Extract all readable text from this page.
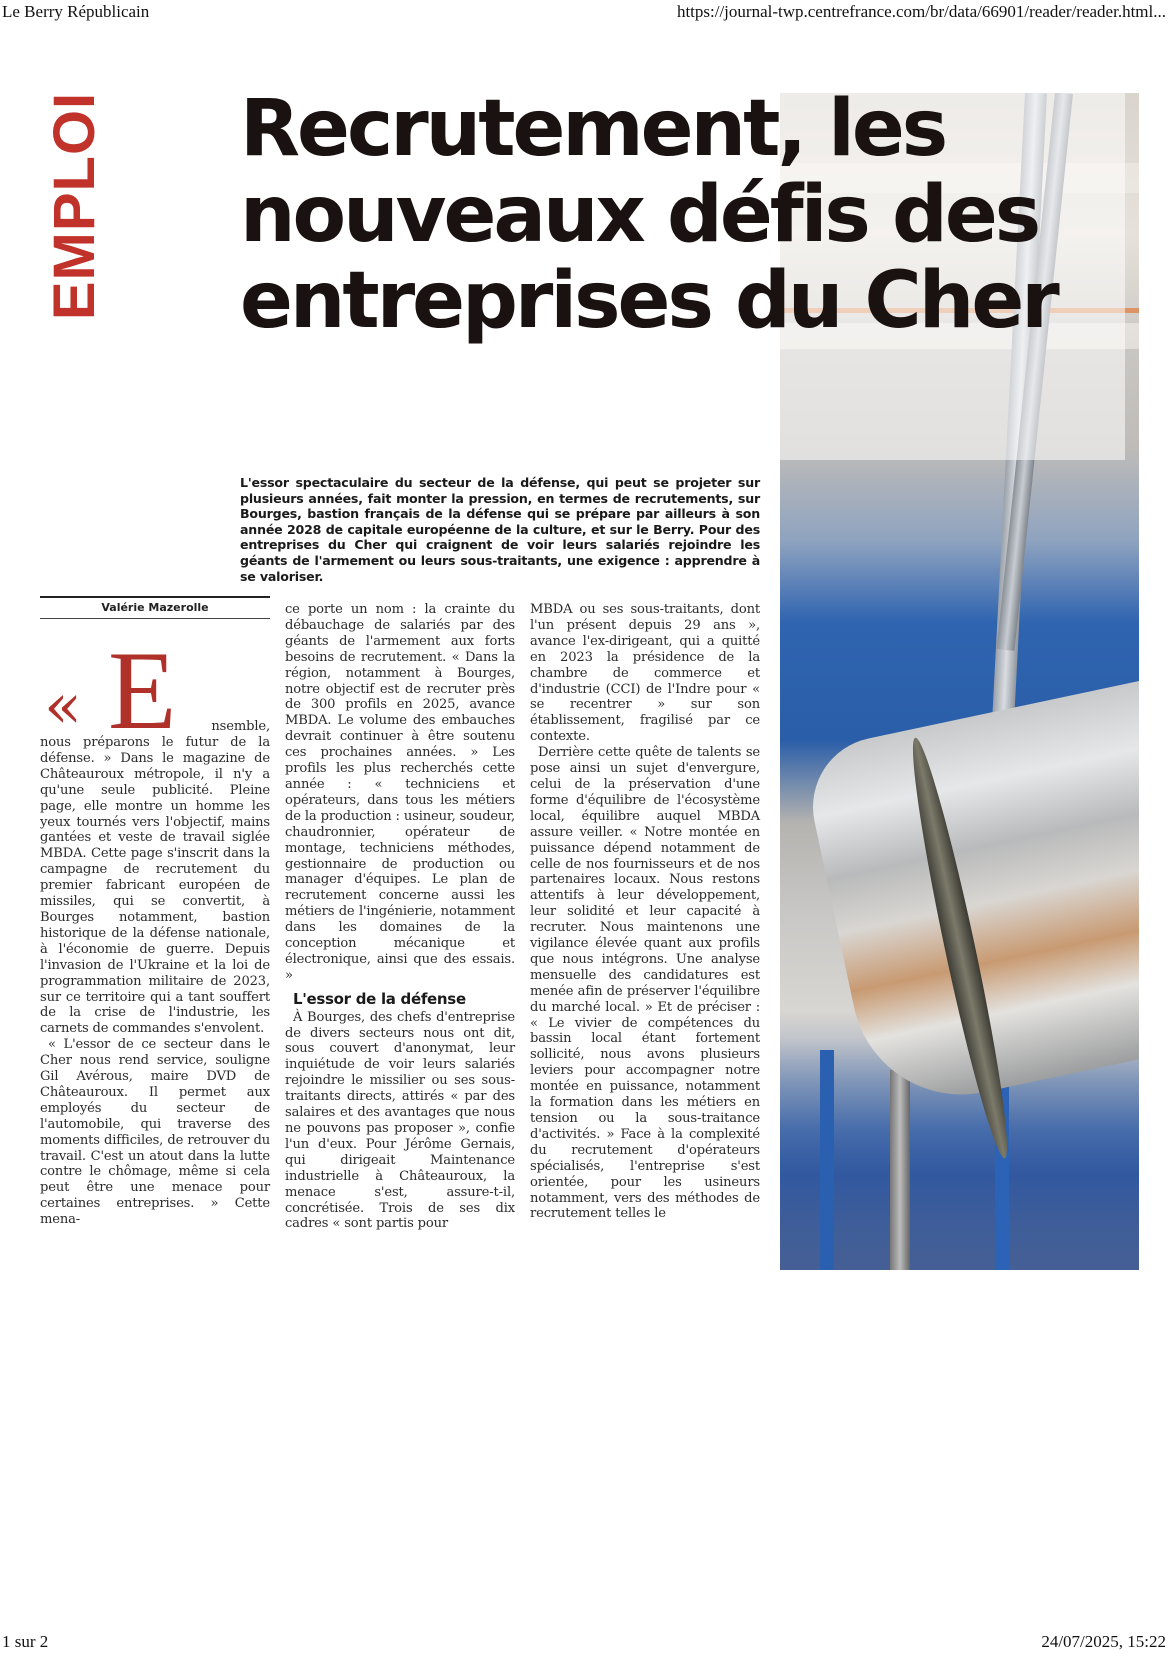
Le Berry Républicain	https://journal-twp.centrefrance.com/br/data/66901/reader/reader.html...
EMPLOI Recrutement, les
nouveaux défis des
entreprises du Cher
L'essor spectaculaire du secteur de la défense, qui peut se projeter sur plusieurs années, fait monter la pression, en termes de recrutements, sur Bourges, bastion français de la défense qui se prépare par ailleurs à son année 2028 de capitale européenne de la culture, et sur le Berry. Pour des entreprises du Cher qui craignent de voir leurs salariés rejoindre les géants de l'armement ou leurs sous-traitants, une exigence : apprendre à se valoriser.
Valérie Mazerolle
« E	nsemble,

nous préparons le futur de la défense. » Dans le magazine de Châteauroux métropole, il n'y a qu'une seule publicité. Pleine page, elle montre un homme les yeux tournés vers l'objectif, mains gantées et veste de travail siglée MBDA. Cette page s'inscrit dans la campagne de recrutement du premier fabricant européen de missiles, qui se convertit, à Bourges notamment, bastion historique de la défense nationale, à l'économie de guerre. Depuis l'invasion de l'Ukraine et la loi de programmation militaire de 2023, sur ce territoire qui a tant souffert de la crise de l'industrie, les carnets de commandes s'envolent.

« L'essor de ce secteur dans le Cher nous rend service, souligne Gil Avérous, maire DVD de Châteauroux. Il permet aux employés du secteur de l'automobile, qui traverse des moments difficiles, de retrouver du travail. C'est un atout dans la lutte contre le chômage, même si cela peut être une menace pour certaines entreprises. » Cette mena-

ce porte un nom : la crainte du débauchage de salariés par des géants de l'armement aux forts besoins de recrutement. « Dans la région, notamment à Bourges, notre objectif est de recruter près de 300 profils en 2025, avance MBDA. Le volume des embauches devrait continuer à être soutenu ces prochaines années. » Les profils les plus recherchés cette année : « techniciens et opérateurs, dans tous les métiers de la production : usineur, soudeur, chaudronnier, opérateur de montage, techniciens méthodes, gestionnaire de production ou manager d'équipes. Le plan de recrutement concerne aussi les métiers de l'ingénierie, notamment dans les domaines de la conception mécanique et électronique, ainsi que des essais. »

L'essor de la défense

À Bourges, des chefs d'entreprise de divers secteurs nous ont dit, sous couvert d'anonymat, leur inquiétude de voir leurs salariés rejoindre le missilier ou ses sous-traitants directs, attirés « par des salaires et des avantages que nous ne pouvons pas proposer », confie l'un d'eux. Pour Jérôme Gernais, qui dirigeait Maintenance industrielle à Châteauroux, la menace s'est, assure-t-il, concrétisée. Trois de ses dix cadres « sont partis pour

MBDA ou ses sous-traitants, dont l'un présent depuis 29 ans », avance l'ex-dirigeant, qui a quitté en 2023 la présidence de la chambre de commerce et d'industrie (CCI) de l'Indre pour « se recentrer » sur son établissement, fragilisé par ce contexte.

Derrière cette quête de talents se pose ainsi un sujet d'envergure, celui de la préservation d'une forme d'équilibre de l'écosystème local, équilibre auquel MBDA assure veiller. « Notre montée en puissance dépend notamment de celle de nos fournisseurs et de nos partenaires locaux. Nous restons attentifs à leur développement, leur solidité et leur capacité à recruter. Nous maintenons une vigilance élevée quant aux profils que nous intégrons. Une analyse mensuelle des candidatures est menée afin de préserver l'équilibre du marché local. » Et de préciser : « Le vivier de compétences du bassin local étant fortement sollicité, nous avons plusieurs leviers pour accompagner notre montée en puissance, notamment la formation dans les métiers en tension ou la sous-traitance d'activités. » Face à la complexité du recrutement d'opérateurs spécialisés, l'entreprise s'est orientée, pour les usineurs notamment, vers des méthodes de recrutement telles le

1 sur 2	24/07/2025, 15:22
